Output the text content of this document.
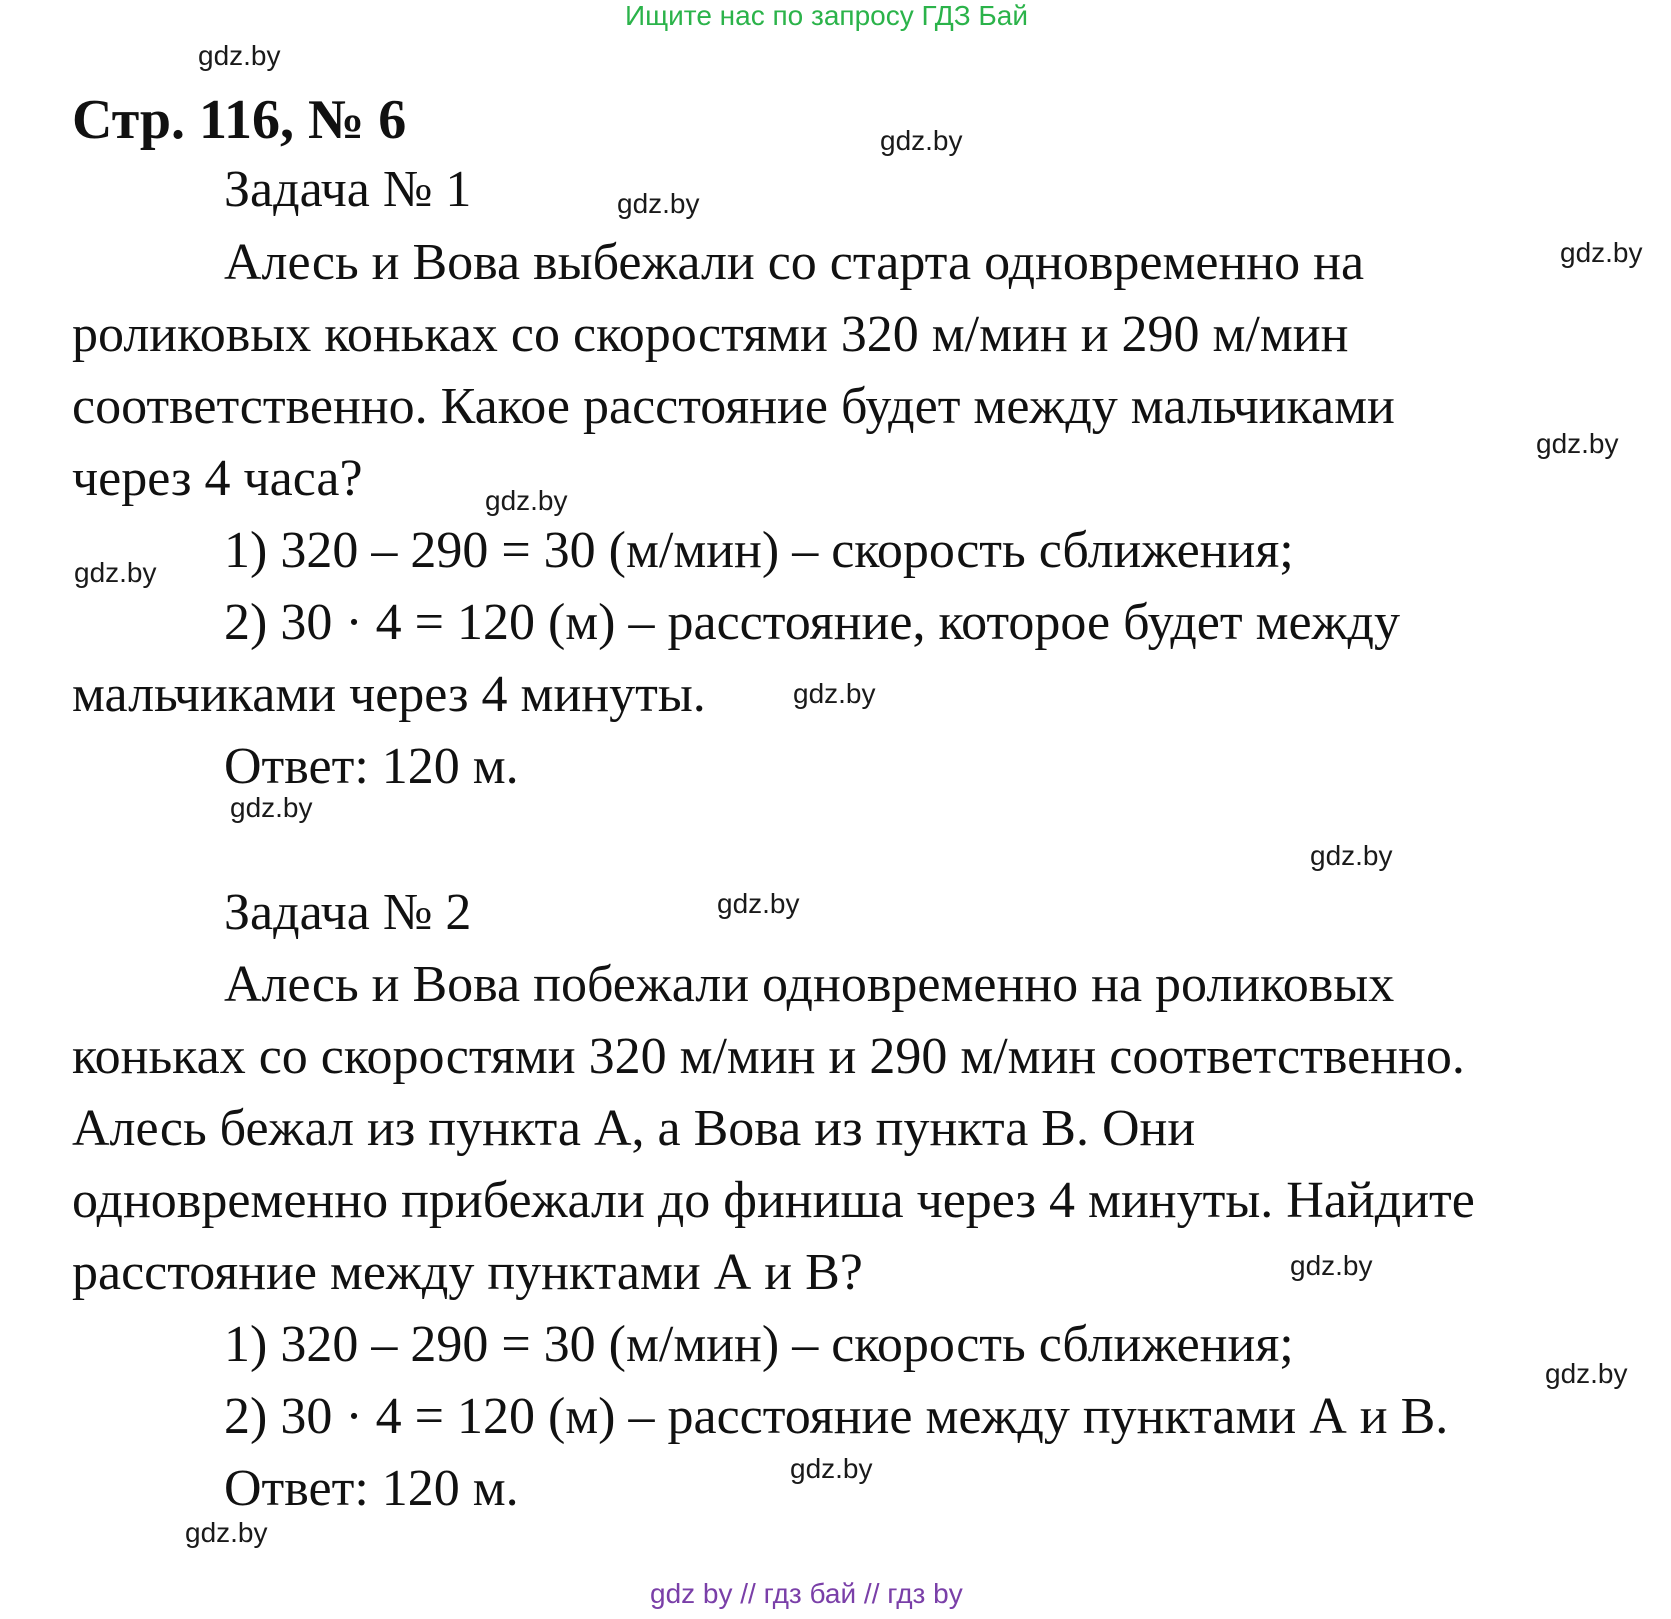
Ищите нас по запросу ГДЗ Бай
Стр. 116, № 6
Задача № 1
Алесь и Вова выбежали со старта одновременно на
роликовых коньках со скоростями 320 м/мин и 290 м/мин
соответственно. Какое расстояние будет между мальчиками
через 4 часа?
1) 320 – 290 = 30 (м/мин) – скорость сближения;
2) 30 · 4 = 120 (м) – расстояние, которое будет между
мальчиками через 4 минуты.
Ответ: 120 м.
Задача № 2
Алесь и Вова побежали одновременно на роликовых
коньках со скоростями 320 м/мин и 290 м/мин соответственно.
Алесь бежал из пункта А, а Вова из пункта В. Они
одновременно прибежали до финиша через 4 минуты. Найдите
расстояние между пунктами А и В?
1) 320 – 290 = 30 (м/мин) – скорость сближения;
2) 30 · 4 = 120 (м) – расстояние между пунктами А и В.
Ответ: 120 м.
gdz.by
gdz.by
gdz.by
gdz.by
gdz.by
gdz.by
gdz.by
gdz.by
gdz.by
gdz.by
gdz.by
gdz.by
gdz.by
gdz.by
gdz.by
gdz by // гдз бай // гдз by
